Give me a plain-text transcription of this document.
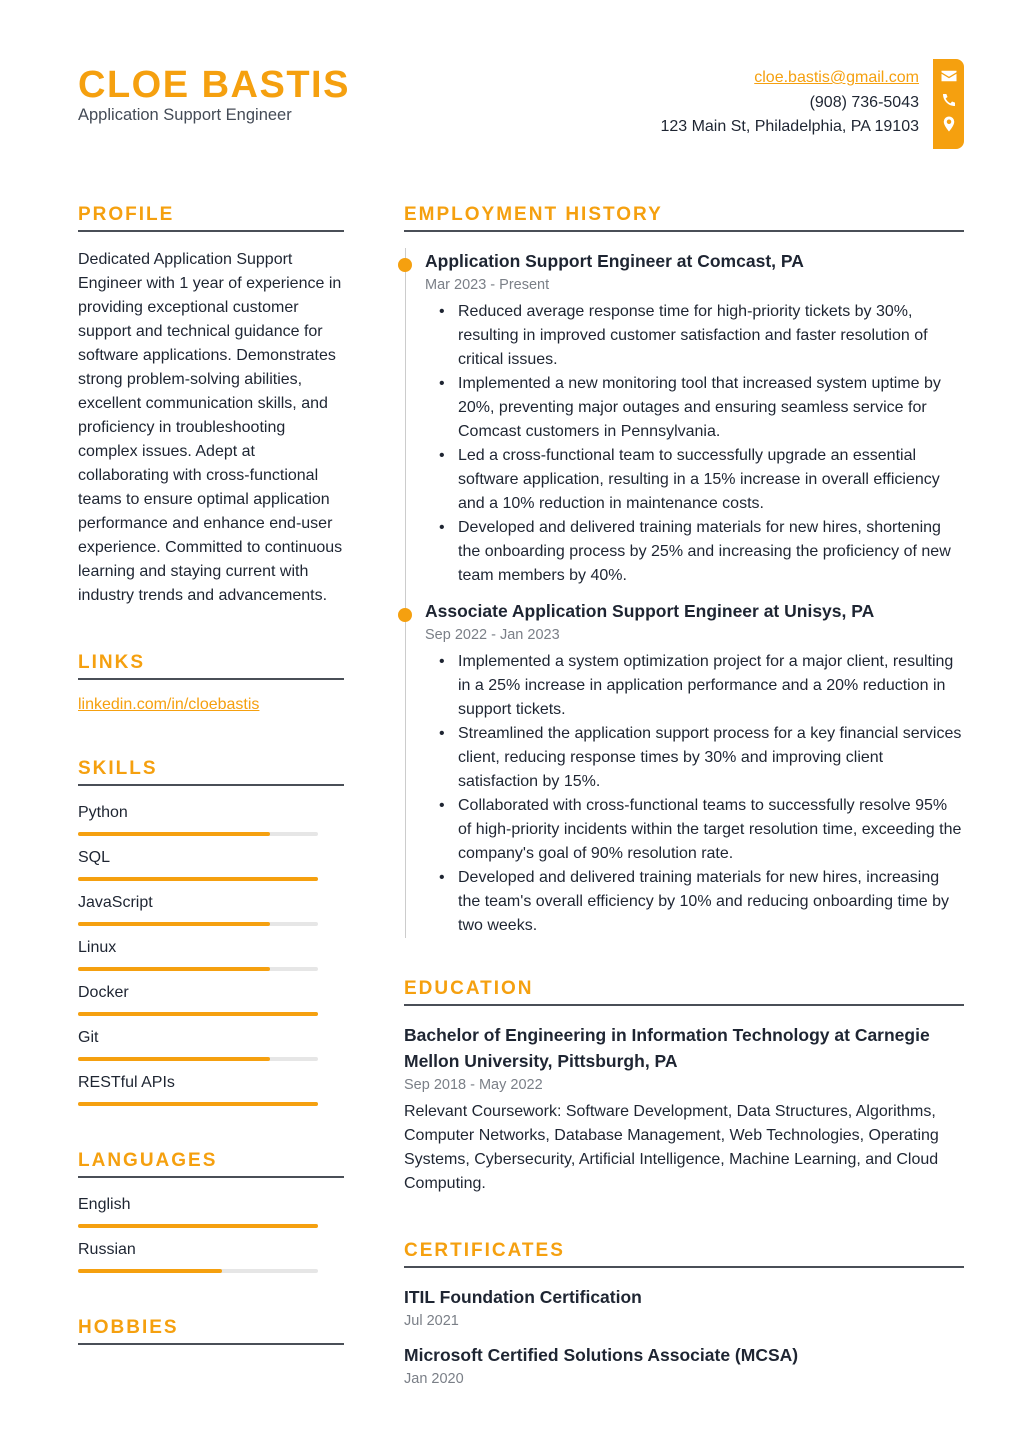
CLOE BASTIS
Application Support Engineer
cloe.bastis@gmail.com
(908) 736-5043
123 Main St, Philadelphia, PA 19103
PROFILE

Dedicated Application Support Engineer with 1 year of experience in providing exceptional customer support and technical guidance for software applications. Demonstrates strong problem-solving abilities, excellent communication skills, and proficiency in troubleshooting complex issues. Adept at collaborating with cross-functional teams to ensure optimal application performance and enhance end-user experience. Committed to continuous learning and staying current with industry trends and advancements.

LINKS
linkedin.com/in/cloebastis
SKILLS
Python
SQL
JavaScript
Linux
Docker
Git
RESTful APIs
LANGUAGES
English
Russian
HOBBIES
EMPLOYMENT HISTORY
Application Support Engineer at Comcast, PA
Mar 2023 - Present
• Reduced average response time for high-priority tickets by 30%, resulting in improved customer satisfaction and faster resolution of critical issues.
• Implemented a new monitoring tool that increased system uptime by 20%, preventing major outages and ensuring seamless service for Comcast customers in Pennsylvania.
• Led a cross-functional team to successfully upgrade an essential software application, resulting in a 15% increase in overall efficiency and a 10% reduction in maintenance costs.
• Developed and delivered training materials for new hires, shortening the onboarding process by 25% and increasing the proficiency of new team members by 40%.
Associate Application Support Engineer at Unisys, PA
Sep 2022 - Jan 2023
• Implemented a system optimization project for a major client, resulting in a 25% increase in application performance and a 20% reduction in support tickets.
• Streamlined the application support process for a key financial services client, reducing response times by 30% and improving client satisfaction by 15%.
• Collaborated with cross-functional teams to successfully resolve 95% of high-priority incidents within the target resolution time, exceeding the company's goal of 90% resolution rate.
• Developed and delivered training materials for new hires, increasing the team's overall efficiency by 10% and reducing onboarding time by two weeks.
EDUCATION
Bachelor of Engineering in Information Technology at Carnegie Mellon University, Pittsburgh, PA
Sep 2018 - May 2022

Relevant Coursework: Software Development, Data Structures, Algorithms, Computer Networks, Database Management, Web Technologies, Operating Systems, Cybersecurity, Artificial Intelligence, Machine Learning, and Cloud Computing.

CERTIFICATES
ITIL Foundation Certification
Jul 2021
Microsoft Certified Solutions Associate (MCSA)
Jan 2020
